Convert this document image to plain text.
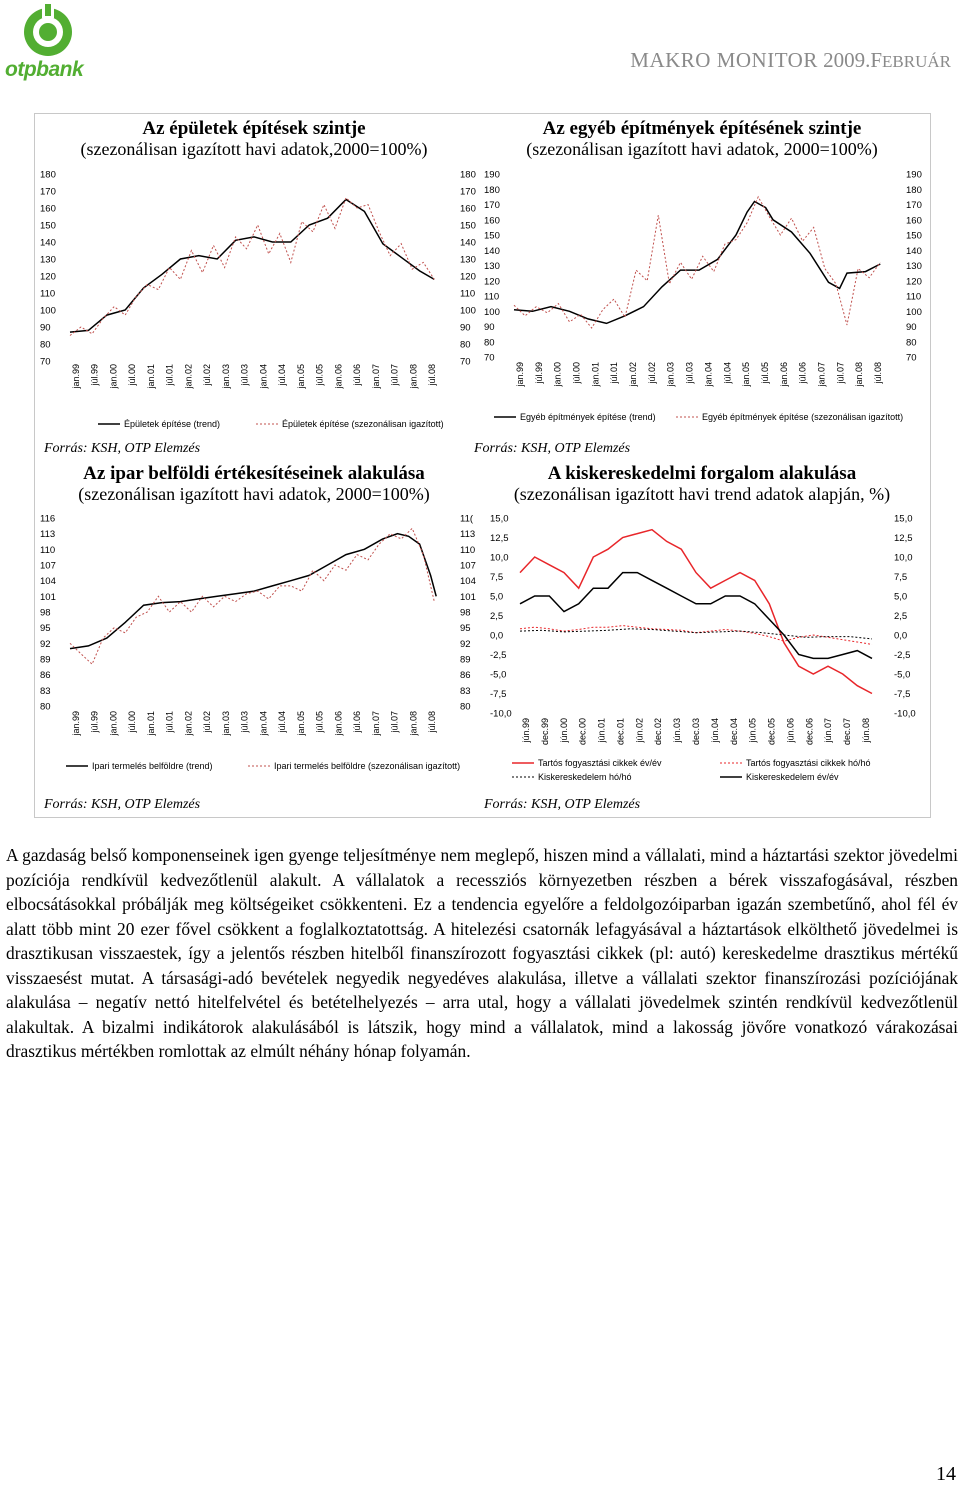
otpbank	MAKRO MONITOR 2009.FEBRUÁR
Az épületek építések szintje
(szezonálisan igazított havi adatok,2000=100%)
180	180
170	170
160	160
150	150
140	140
130	130
120	120
110	110
100	100
90	90
80	80
70	70
jan.99 júl.99 jan.00 júl.00 jan.01 júl.01 jan.02 júl.02 jan.03 júl.03 jan.04 júl.04 jan.05 júl.05 jan.06 júl.06 jan.07 júl.07 jan.08 júl.08
Épületek építése (trend)	Épületek építése (szezonálisan igazított)
Forrás: KSH, OTP Elemzés
Az egyéb építmények építésének szintje
(szezonálisan igazított havi adatok, 2000=100%)
190	190
180	180
170	170
160	160
150	150
140	140
130	130
120	120
110	110
100	100
90	90
80	80
70	70
jan.99 júl.99 jan.00 júl.00 jan.01 júl.01 jan.02 júl.02 jan.03 júl.03 jan.04 júl.04 jan.05 júl.05 jan.06 júl.06 jan.07 júl.07 jan.08 júl.08
Egyéb építmények építése (trend)	Egyéb építmények építése (szezonálisan igazított)
Forrás: KSH, OTP Elemzés
Az ipar belföldi értékesítéseinek alakulása
(szezonálisan igazított havi adatok, 2000=100%)
116	11(
113	113
110	110
107	107
104	104
101	101
98	98
95	95
92	92
89	89
86	86
83	83
80	80
jan.99 júl.99 jan.00 júl.00 jan.01 júl.01 jan.02 júl.02 jan.03 júl.03 jan.04 júl.04 jan.05 júl.05 jan.06 júl.06 jan.07 júl.07 jan.08 júl.08
Ipari termelés belföldre (trend)	Ipari termelés belföldre (szezonálisan igazított)
Forrás: KSH, OTP Elemzés
A kiskereskedelmi forgalom alakulása
(szezonálisan igazított havi trend adatok alapján, %)
15,0	15,0
12,5	12,5
10,0	10,0
7,5	7,5
5,0	5,0
2,5	2,5
0,0	0,0
-2,5	-2,5
-5,0	-5,0
-7,5	-7,5
-10,0	-10,0
jún.99 dec.99 jún.00 dec.00 jún.01 dec.01 jún.02 dec.02 jún.03 dec.03 jún.04 dec.04 jún.05 dec.05 jún.06 dec.06 jún.07 dec.07 jún.08
Tartós fogyasztási cikkek év/év	Tartós fogyasztási cikkek hó/hó
Kiskereskedelem hó/hó	Kiskereskedelem év/év
Forrás: KSH, OTP Elemzés
A gazdaság belső komponenseinek igen gyenge teljesítménye nem meglepő, hiszen mind a vállalati, mind a háztartási szektor jövedelmi pozíciója rendkívül kedvezőtlenül alakult. A vállalatok a recessziós környezetben részben a bérek visszafogásával, részben elbocsátásokkal próbálják meg költségeiket csökkenteni. Ez a tendencia egyelőre a feldolgozóiparban igazán szembetűnő, ahol fél év alatt több mint 20 ezer fővel csökkent a foglalkoztatottság. A hitelezési csatornák lefagyásával a háztartások elkölthető jövedelmei is drasztikusan visszaestek, így a jelentős részben hitelből finanszírozott fogyasztási cikkek (pl: autó) kereskedelme drasztikus mértékű visszaesést mutat. A társasági-adó bevételek negyedik negyedéves alakulása, illetve a vállalati szektor finanszírozási pozíciójának alakulása – negatív nettó hitelfelvétel és betételhelyezés – arra utal, hogy a vállalati jövedelmek szintén rendkívül kedvezőtlenül alakultak. A bizalmi indikátorok alakulásából is látszik, hogy mind a vállalatok, mind a lakosság jövőre vonatkozó várakozásai drasztikus mértékben romlottak az elmúlt néhány hónap folyamán.
14
